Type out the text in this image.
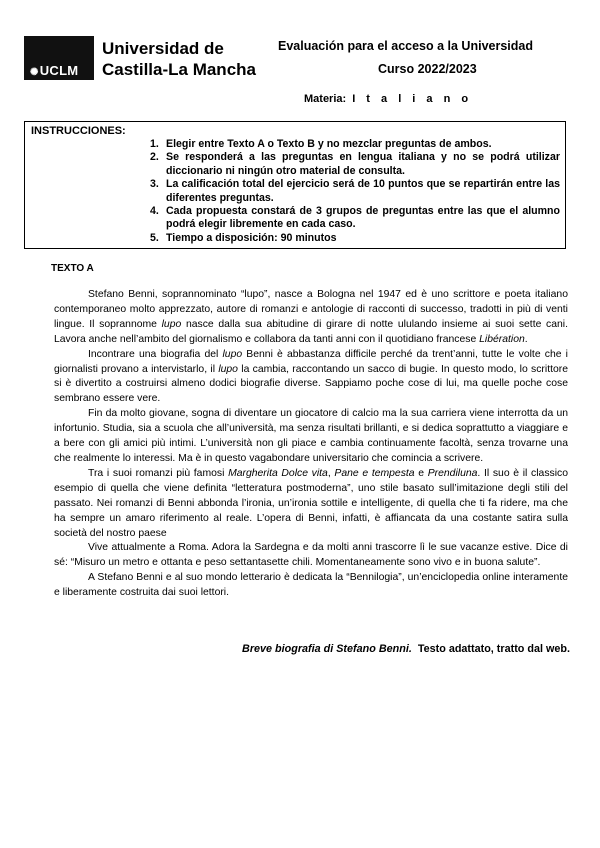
✺UCLM
Universidad de
Castilla-La Mancha
Evaluación para el acceso a la Universidad
Curso 2022/2023
Materia: I t a l i a n o
INSTRUCCIONES:
1. Elegir entre Texto A o Texto B y no mezclar preguntas de ambos.
2. Se responderá a las preguntas en lengua italiana y no se podrá utilizar diccionario ni ningún otro material de consulta.
3. La calificación total del ejercicio será de 10 puntos que se repartirán entre las diferentes preguntas.
4. Cada propuesta constará de 3 grupos de preguntas entre las que el alumno podrá elegir libremente en cada caso.
5. Tiempo a disposición: 90 minutos
TEXTO A

Stefano Benni, soprannominato “lupo”, nasce a Bologna nel 1947 ed è uno scrittore e poeta italiano contemporaneo molto apprezzato, autore di romanzi e antologie di racconti di successo, tradotti in più di venti lingue. Il soprannome lupo nasce dalla sua abitudine di girare di notte ululando insieme ai suoi sette cani. Lavora anche nell’ambito del giornalismo e collabora da tanti anni con il quotidiano francese Libération.

Incontrare una biografia del lupo Benni è abbastanza difficile perché da trent’anni, tutte le volte che i giornalisti provano a intervistarlo, il lupo la cambia, raccontando un sacco di bugie. In questo modo, lo scrittore si è divertito a costruirsi almeno dodici biografie diverse. Sappiamo poche cose di lui, ma quelle poche cose sembrano essere vere.

Fin da molto giovane, sogna di diventare un giocatore di calcio ma la sua carriera viene interrotta da un infortunio. Studia, sia a scuola che all’università, ma senza risultati brillanti, e si dedica soprattutto a viaggiare e a bere con gli amici più intimi. L’università non gli piace e cambia continuamente facoltà, senza trovarne una che realmente lo interessi. Ma è in questo vagabondare universitario che comincia a scrivere.

Tra i suoi romanzi più famosi Margherita Dolce vita, Pane e tempesta e Prendiluna. Il suo è il classico esempio di quella che viene definita “letteratura postmoderna”, uno stile basato sull’imitazione degli stili del passato. Nei romanzi di Benni abbonda l’ironia, un’ironia sottile e intelligente, di quella che ti fa ridere, ma che ha sempre un amaro riferimento al reale. L’opera di Benni, infatti, è affiancata da una costante satira sulla società del nostro paese

Vive attualmente a Roma. Adora la Sardegna e da molti anni trascorre lì le sue vacanze estive. Dice di sé: “Misuro un metro e ottanta e peso settantasette chili. Momentaneamente sono vivo e in buona salute”.

A Stefano Benni e al suo mondo letterario è dedicata la “Bennilogia”, un’enciclopedia online interamente e liberamente costruita dai suoi lettori.

Breve biografia di Stefano Benni. Testo adattato, tratto dal web.
